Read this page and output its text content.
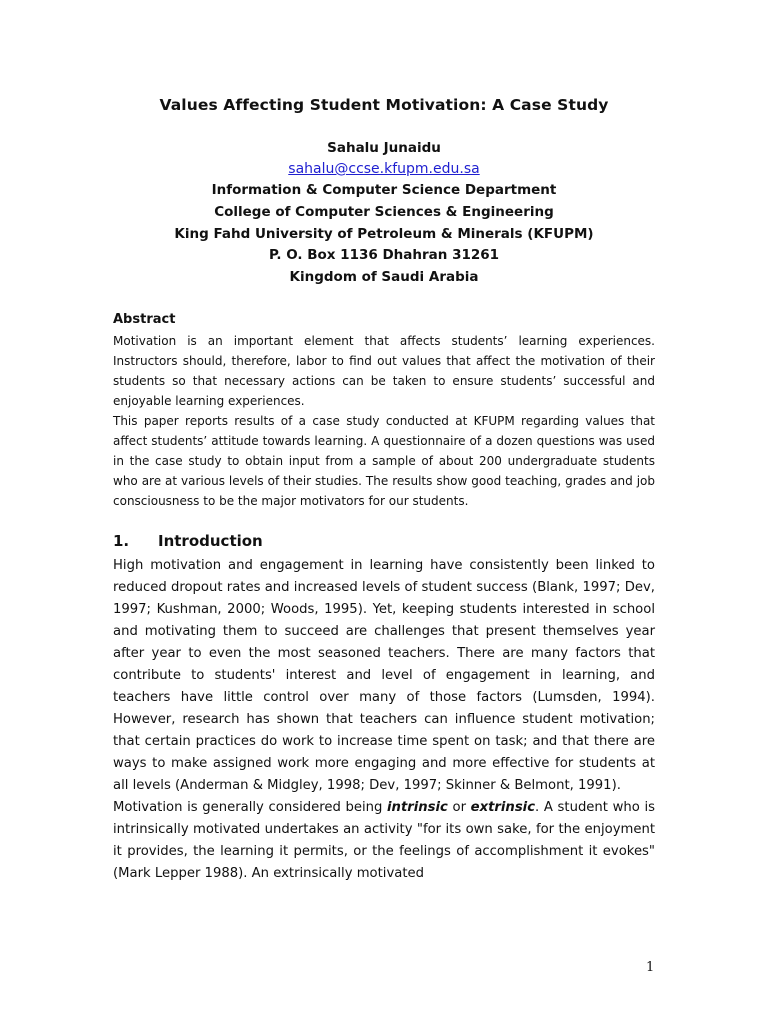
Values Affecting Student Motivation: A Case Study
Sahalu Junaidu
sahalu@ccse.kfupm.edu.sa
Information & Computer Science Department
College of Computer Sciences & Engineering
King Fahd University of Petroleum & Minerals (KFUPM)
P. O. Box 1136 Dhahran 31261
Kingdom of Saudi Arabia
Abstract

Motivation is an important element that affects students’ learning experiences. Instructors should, therefore, labor to find out values that affect the motivation of their students so that necessary actions can be taken to ensure students’ successful and enjoyable learning experiences.

This paper reports results of a case study conducted at KFUPM regarding values that affect students’ attitude towards learning. A questionnaire of a dozen questions was used in the case study to obtain input from a sample of about 200 undergraduate students who are at various levels of their studies. The results show good teaching, grades and job consciousness to be the major motivators for our students.

1. Introduction

High motivation and engagement in learning have consistently been linked to reduced dropout rates and increased levels of student success (Blank, 1997; Dev, 1997; Kushman, 2000; Woods, 1995). Yet, keeping students interested in school and motivating them to succeed are challenges that present themselves year after year to even the most seasoned teachers. There are many factors that contribute to students' interest and level of engagement in learning, and teachers have little control over many of those factors (Lumsden, 1994). However, research has shown that teachers can influence student motivation; that certain practices do work to increase time spent on task; and that there are ways to make assigned work more engaging and more effective for students at all levels (Anderman & Midgley, 1998; Dev, 1997; Skinner & Belmont, 1991).

Motivation is generally considered being intrinsic or extrinsic. A student who is intrinsically motivated undertakes an activity "for its own sake, for the enjoyment it provides, the learning it permits, or the feelings of accomplishment it evokes" (Mark Lepper 1988). An extrinsically motivated

1
